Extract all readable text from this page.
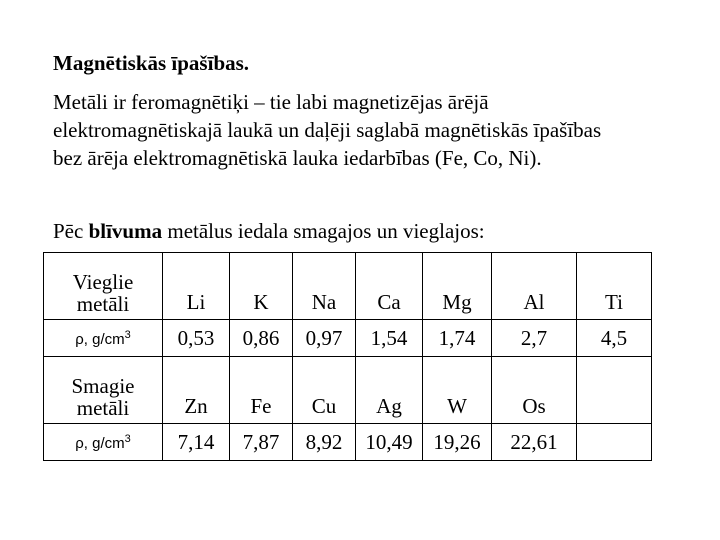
Magnētiskās īpašības.
Metāli ir feromagnētiķi – tie labi magnetizējas ārējā
elektromagnētiskajā laukā un daļēji saglabā magnētiskās īpašības
bez ārēja elektromagnētiskā lauka iedarbības (Fe, Co, Ni).
Pēc blīvuma metālus iedala smagajos un vieglajos:
Vieglie
metāli	Li	K	Na	Ca	Mg	Al	Ti
ρ, $g/cm^3$	0,53	0,86	0,97	1,54	1,74	2,7	4,5
Smagie
metāli	Zn	Fe	Cu	Ag	W	Os	
ρ, $g/cm^3$	7,14	7,87	8,92	10,49	19,26	22,61	
